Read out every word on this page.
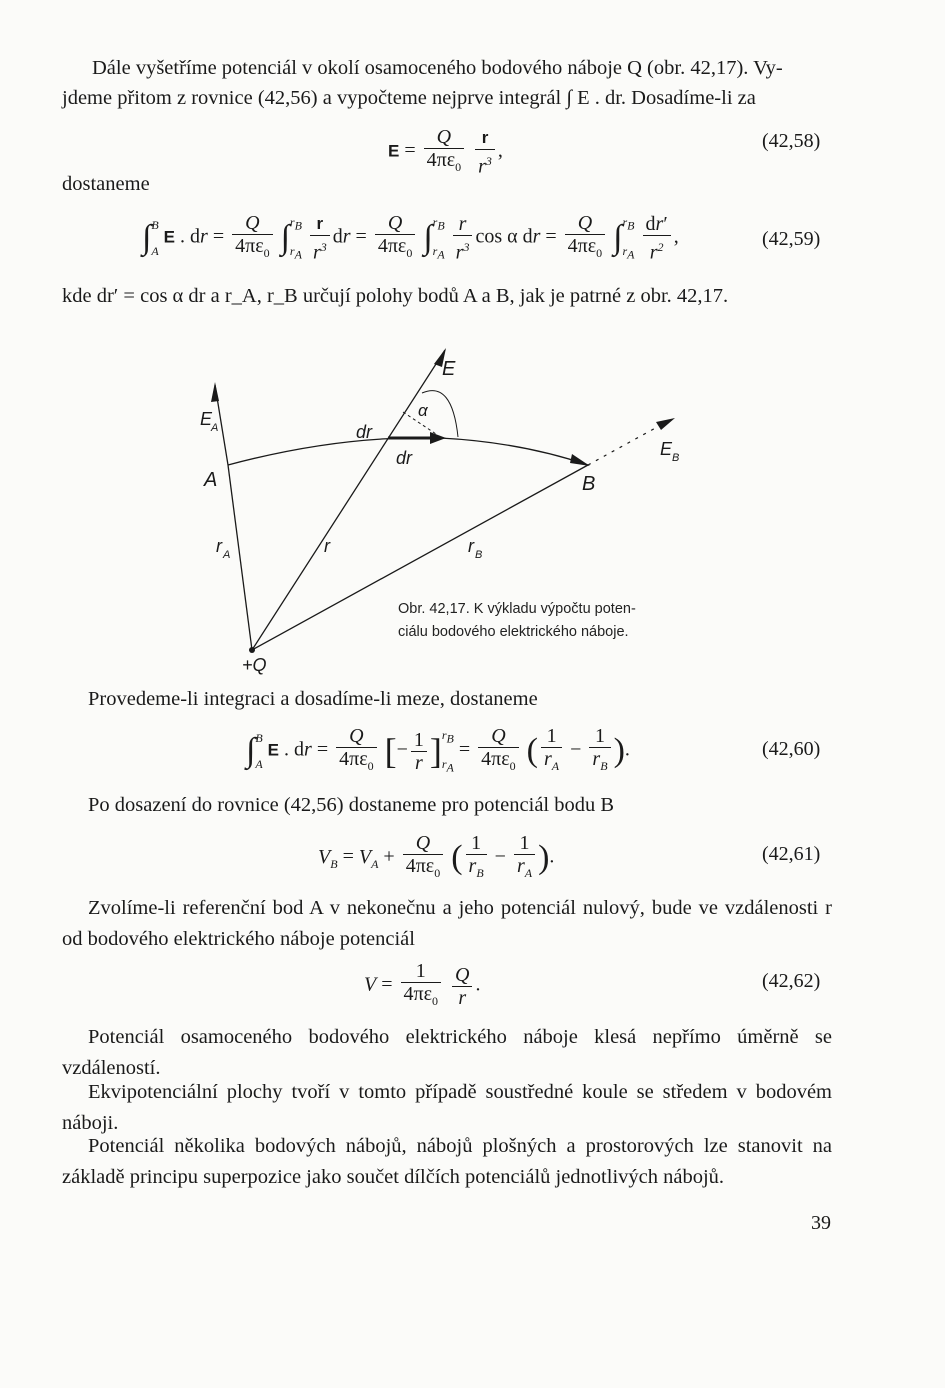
Dále vyšetříme potenciál v okolí osamoceného bodového náboje Q (obr. 42,17). Vy-
jdeme přitom z rovnice (42,56) a vypočteme nejprve integrál ∫ E . dr. Dosadíme-li za
$E = \frac{Q}{4\pi\varepsilon_0}$
$\frac{r}{r^3}$ ,	(42,58)
dostaneme
∫ B
A
E . dr = $\frac{Q}{4\pi\varepsilon_0}$ ∫ $r_B$
$r_A$
$\frac{r}{r^3}$ dr = $\frac{Q}{4\pi\varepsilon_0}$ ∫ $r_B$
$r_A$
$\frac{r}{r^3}$ cos α dr = $\frac{Q}{4\pi\varepsilon_0}$ ∫ $r_B$
$r_A$
$\frac{dr'}{r^2}$ ,	(42,59)
kde dr′ = cos α dr a r_A, r_B určují polohy bodů A a B, jak je patrné z obr. 42,17.
E
α
dr
dr
E
A
A	B
E B
r A	r	r B
+Q
Obr. 42,17. K výkladu výpočtu poten-
ciálu bodového elektrického náboje.
Provedeme-li integraci a dosadíme-li meze, dostaneme
∫ B
A
E . dr = $\frac{Q}{4\pi\varepsilon_0}$ [− $\frac{1}{r}$ ] $r_B$
$r_A$
= $\frac{Q}{4\pi\varepsilon_0}$ ( $\frac{1}{r_A} - \frac{1}{r_B}$ ).	(42,60)
Po dosazení do rovnice (42,56) dostaneme pro potenciál bodu B
$V_B = V_A + \frac{Q}{4\pi\varepsilon_0}$ ( $\frac{1}{r_B} - \frac{1}{r_A}$ ).	(42,61)
Zvolíme-li referenční bod A v nekonečnu a jeho potenciál nulový, bude ve vzdálenosti r od bodového elektrického náboje potenciál
$V = \frac{1}{4\pi\varepsilon_0}$
$\frac{Q}{r}$ .	(42,62)
Potenciál osamoceného bodového elektrického náboje klesá nepřímo úměrně se vzdáleností.
Ekvipotenciální plochy tvoří v tomto případě soustředné koule se středem v bodovém náboji.
Potenciál několika bodových nábojů, nábojů plošných a prostorových lze stanovit na základě principu superpozice jako součet dílčích potenciálů jednotlivých nábojů.
39
